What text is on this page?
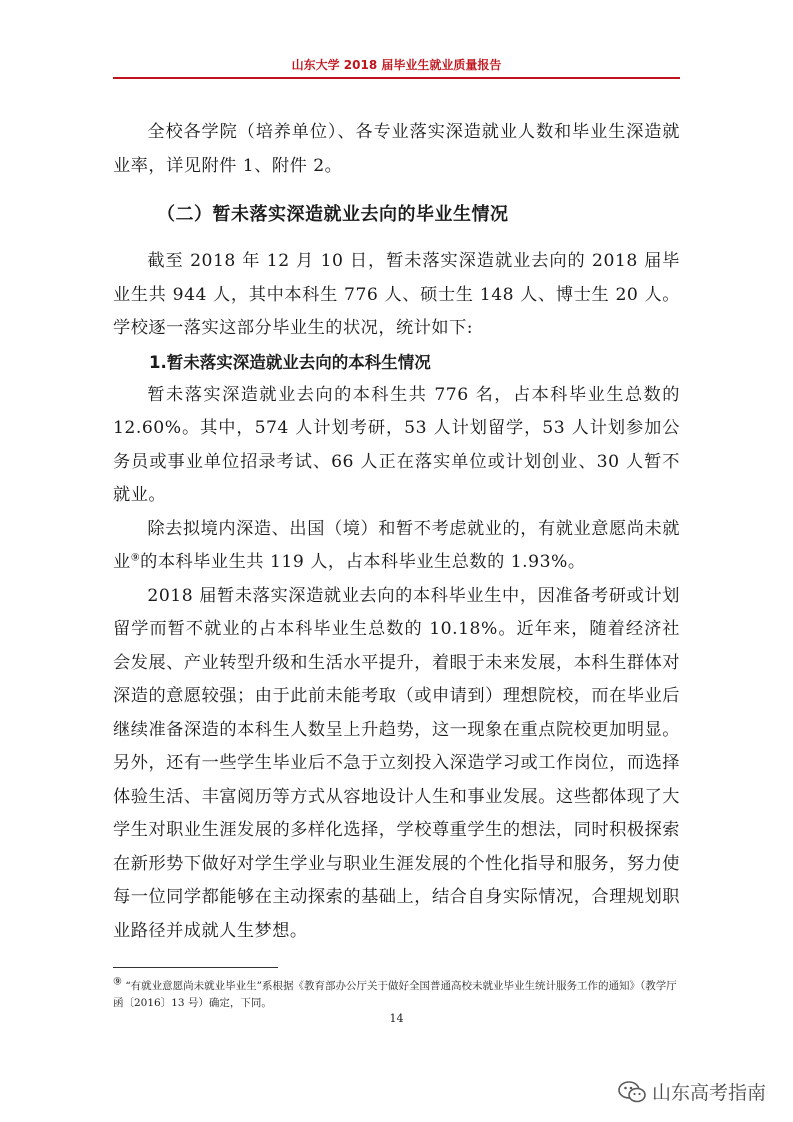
山东大学 2018 届毕业生就业质量报告

全校各学院（培养单位）、各专业落实深造就业人数和毕业生深造就业率，详见附件 1、附件 2。

（二）暂未落实深造就业去向的毕业生情况

截至 2018 年 12 月 10 日，暂未落实深造就业去向的 2018 届毕业生共 944 人，其中本科生 776 人、硕士生 148 人、博士生 20 人。学校逐一落实这部分毕业生的状况，统计如下:

1.暂未落实深造就业去向的本科生情况

暂未落实深造就业去向的本科生共 776 名，占本科毕业生总数的 12.60%。其中，574 人计划考研，53 人计划留学，53 人计划参加公务员或事业单位招录考试、66 人正在落实单位或计划创业、30 人暂不就业。

除去拟境内深造、出国（境）和暂不考虑就业的，有就业意愿尚未就业⑨的本科毕业生共 119 人，占本科毕业生总数的 1.93%。

2018 届暂未落实深造就业去向的本科毕业生中，因准备考研或计划留学而暂不就业的占本科毕业生总数的 10.18%。近年来，随着经济社会发展、产业转型升级和生活水平提升，着眼于未来发展，本科生群体对深造的意愿较强；由于此前未能考取（或申请到）理想院校，而在毕业后继续准备深造的本科生人数呈上升趋势，这一现象在重点院校更加明显。另外，还有一些学生毕业后不急于立刻投入深造学习或工作岗位，而选择体验生活、丰富阅历等方式从容地设计人生和事业发展。这些都体现了大学生对职业生涯发展的多样化选择，学校尊重学生的想法，同时积极探索在新形势下做好对学生学业与职业生涯发展的个性化指导和服务，努力使每一位同学都能够在主动探索的基础上，结合自身实际情况，合理规划职业路径并成就人生梦想。

⑨ “有就业意愿尚未就业毕业生”系根据《教育部办公厅关于做好全国普通高校未就业毕业生统计服务工作的通知》（教学厅函〔2016〕13 号）确定，下同。
14
山东高考指南
